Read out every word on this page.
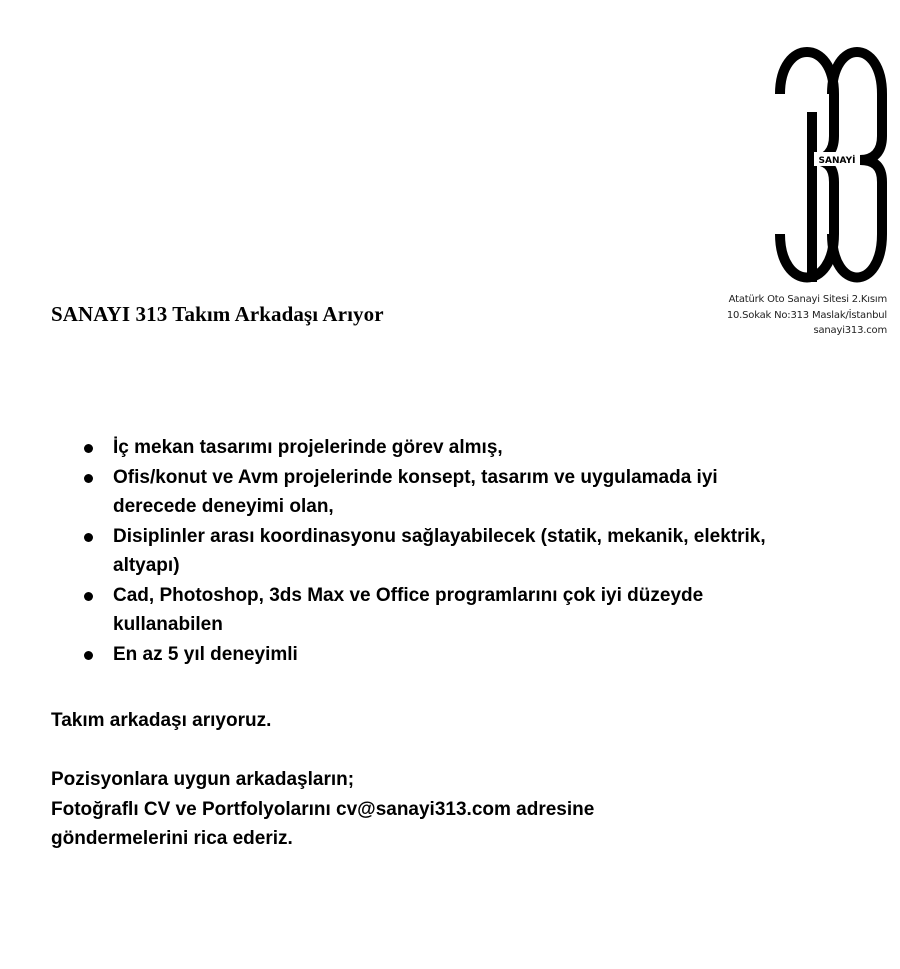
SANAYİ
Atatürk Oto Sanayi Sitesi 2.Kısım
10.Sokak No:313 Maslak/İstanbul
sanayi313.com
SANAYI 313 Takım Arkadaşı Arıyor
İç mekan tasarımı projelerinde görev almış,
Ofis/konut ve Avm projelerinde konsept, tasarım ve uygulamada iyi derecede deneyimi olan,
Disiplinler arası koordinasyonu sağlayabilecek (statik, mekanik, elektrik, altyapı)
Cad, Photoshop, 3ds Max ve Office programlarını çok iyi düzeyde kullanabilen
En az 5 yıl deneyimli

Takım arkadaşı arıyoruz.

Pozisyonlara uygun arkadaşların;
Fotoğraflı CV ve Portfolyolarını cv@sanayi313.com adresine
göndermelerini rica ederiz.
